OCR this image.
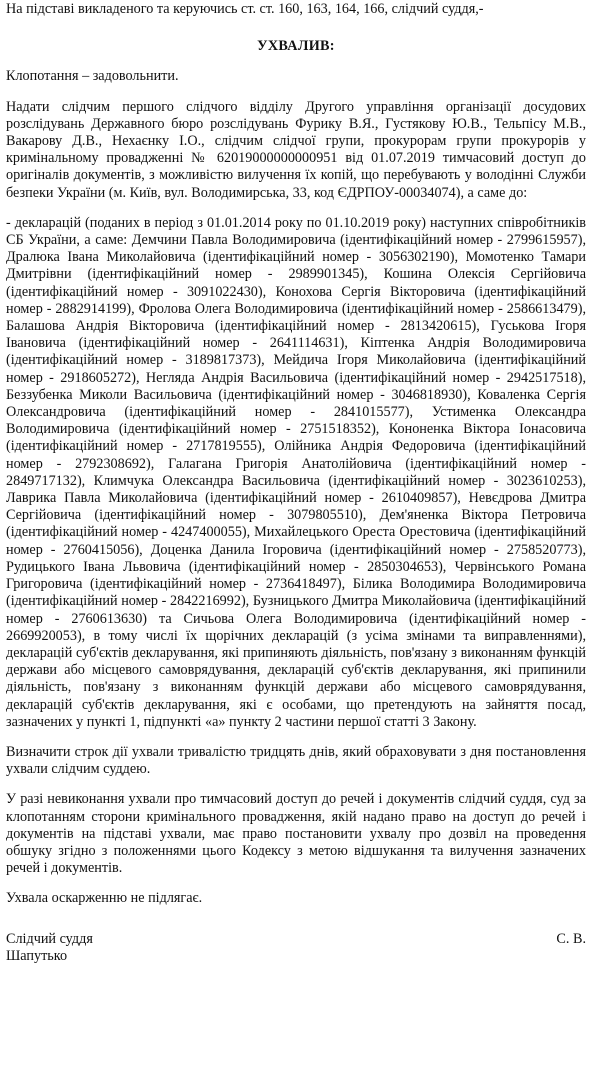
На підставі викладеного та керуючись ст. ст. 160, 163, 164, 166, слідчий суддя,-

УХВАЛИВ:

Клопотання – задовольнити.

Надати слідчим першого слідчого відділу Другого управління організації досудових розслідувань Державного бюро розслідувань Фурику В.Я., Густякову Ю.В., Тельпісу М.В., Вакарову Д.В., Нехаєнку І.О., слідчим слідчої групи, прокурорам групи прокурорів у кримінальному провадженні № 62019000000000951 від 01.07.2019 тимчасовий доступ до оригіналів документів, з можливістю вилучення їх копій, що перебувають у володінні Служби безпеки України (м. Київ, вул. Володимирська, 33, код ЄДРПОУ-00034074), а саме до:

- декларацій (поданих в період з 01.01.2014 року по 01.10.2019 року) наступних співробітників СБ України, а саме: Демчини Павла Володимировича (ідентифікаційний номер - 2799615957), Дралюка Івана Миколайовича (ідентифікаційний номер - 3056302190), Момотенко Тамари Дмитрівни (ідентифікаційний номер - 2989901345), Кошина Олексія Сергійовича (ідентифікаційний номер - 3091022430), Конохова Сергія Вікторовича (ідентифікаційний номер - 2882914199), Фролова Олега Володимировича (ідентифікаційний номер - 2586613479), Балашова Андрія Вікторовича (ідентифікаційний номер - 2813420615), Гуськова Ігоря Івановича (ідентифікаційний номер - 2641114631), Кіптенка Андрія Володимировича (ідентифікаційний номер - 3189817373), Мейдича Ігоря Миколайовича (ідентифікаційний номер - 2918605272), Негляда Андрія Васильовича (ідентифікаційний номер - 2942517518), Беззубенка Миколи Васильовича (ідентифікаційний номер - 3046818930), Коваленка Сергія Олександровича (ідентифікаційний номер - 2841015577), Устименка Олександра Володимировича (ідентифікаційний номер - 2751518352), Кононенка Віктора Іонасовича (ідентифікаційний номер - 2717819555), Олійника Андрія Федоровича (ідентифікаційний номер - 2792308692), Галагана Григорія Анатолійовича (ідентифікаційний номер - 2849717132), Климчука Олександра Васильовича (ідентифікаційний номер - 3023610253), Лаврика Павла Миколайовича (ідентифікаційний номер - 2610409857), Невєдрова Дмитра Сергійовича (ідентифікаційний номер - 3079805510), Дем'яненка Віктора Петровича (ідентифікаційний номер - 4247400055), Михайлецького Ореста Орестовича (ідентифікаційний номер - 2760415056), Доценка Данила Ігоровича (ідентифікаційний номер - 2758520773), Рудицького Івана Львовича (ідентифікаційний номер - 2850304653), Червінського Романа Григоровича (ідентифікаційний номер - 2736418497), Білика Володимира Володимировича (ідентифікаційний номер - 2842216992), Бузницького Дмитра Миколайовича (ідентифікаційний номер - 2760613630) та Сичьова Олега Володимировича (ідентифікаційний номер - 2669920053), в тому числі їх щорічних декларацій (з усіма змінами та виправленнями), декларацій суб'єктів декларування, які припиняють діяльність, пов'язану з виконанням функцій держави або місцевого самоврядування, декларацій суб'єктів декларування, які припинили діяльність, пов'язану з виконанням функцій держави або місцевого самоврядування, декларацій суб'єктів декларування, які є особами, що претендують на зайняття посад, зазначених у пункті 1, підпункті «а» пункту 2 частини першої статті 3 Закону.

Визначити строк дії ухвали тривалістю тридцять днів, який обраховувати з дня постановлення ухвали слідчим суддею.

У разі невиконання ухвали про тимчасовий доступ до речей і документів слідчий суддя, суд за клопотанням сторони кримінального провадження, якій надано право на доступ до речей і документів на підставі ухвали, має право постановити ухвалу про дозвіл на проведення обшуку згідно з положеннями цього Кодексу з метою відшукання та вилучення зазначених речей і документів.

Ухвала оскарженню не підлягає.

Слідчий суддя	С. В.

Шапутько
